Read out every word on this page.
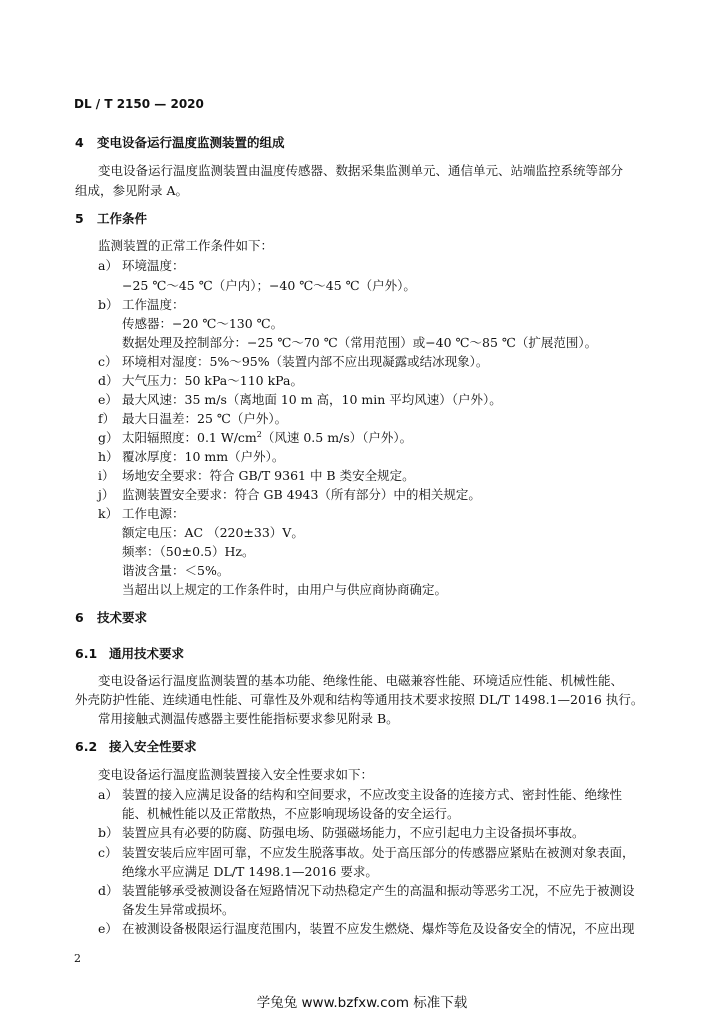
DL / T 2150 — 2020
4 变电设备运行温度监测装置的组成
变电设备运行温度监测装置由温度传感器、数据采集监测单元、通信单元、站端监控系统等部分
组成，参见附录 A。
5 工作条件
监测装置的正常工作条件如下：
a） 环境温度：
−25 ℃～45 ℃（户内）；−40 ℃～45 ℃（户外）。
b） 工作温度：
传感器：−20 ℃～130 ℃。
数据处理及控制部分：−25 ℃～70 ℃（常用范围）或−40 ℃～85 ℃（扩展范围）。
c） 环境相对湿度：5%～95%（装置内部不应出现凝露或结冰现象）。
d） 大气压力：50 kPa～110 kPa。
e） 最大风速：35 m/s（离地面 10 m 高，10 min 平均风速）（户外）。
f） 最大日温差：25 ℃（户外）。
g） 太阳辐照度：0.1 $W/cm^2$（风速 0.5 m/s）（户外）。
h） 覆冰厚度：10 mm（户外）。
i） 场地安全要求：符合 GB/T 9361 中 B 类安全规定。
j） 监测装置安全要求：符合 GB 4943（所有部分）中的相关规定。
k） 工作电源：
额定电压：AC （220±33）V。
频率：（50±0.5）Hz。
谐波含量：＜5%。
当超出以上规定的工作条件时，由用户与供应商协商确定。
6 技术要求
6.1 通用技术要求
变电设备运行温度监测装置的基本功能、绝缘性能、电磁兼容性能、环境适应性能、机械性能、
外壳防护性能、连续通电性能、可靠性及外观和结构等通用技术要求按照 DL/T 1498.1—2016 执行。
常用接触式测温传感器主要性能指标要求参见附录 B。
6.2 接入安全性要求
变电设备运行温度监测装置接入安全性要求如下：
a） 装置的接入应满足设备的结构和空间要求，不应改变主设备的连接方式、密封性能、绝缘性
能、机械性能以及正常散热，不应影响现场设备的安全运行。
b） 装置应具有必要的防腐、防强电场、防强磁场能力，不应引起电力主设备损坏事故。
c） 装置安装后应牢固可靠，不应发生脱落事故。处于高压部分的传感器应紧贴在被测对象表面，
绝缘水平应满足 DL/T 1498.1—2016 要求。
d） 装置能够承受被测设备在短路情况下动热稳定产生的高温和振动等恶劣工况，不应先于被测设
备发生异常或损坏。
e） 在被测设备极限运行温度范围内，装置不应发生燃烧、爆炸等危及设备安全的情况，不应出现
2
学兔兔 www.bzfxw.com 标准下载
